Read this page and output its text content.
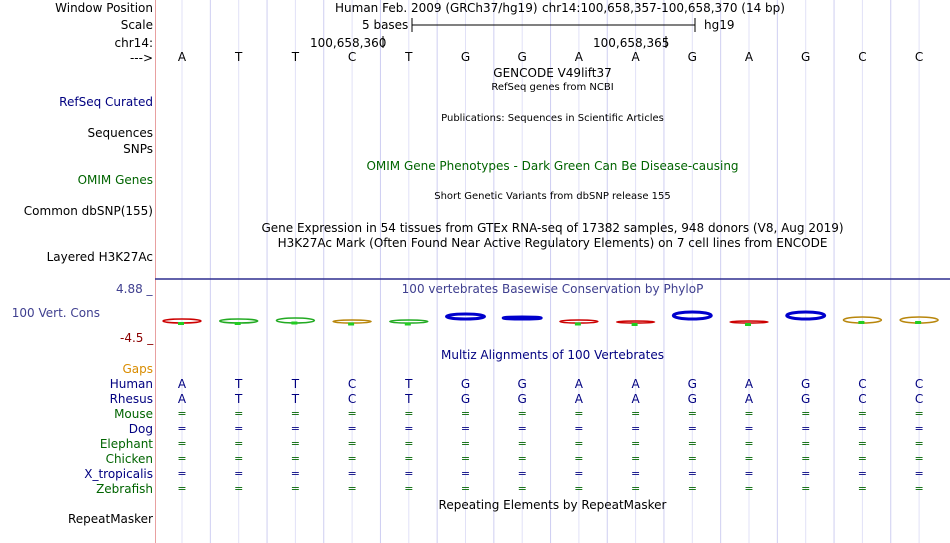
Window Position	Human Feb. 2009 (GRCh37/hg19) chr14:100,658,357-100,658,370 (14 bp)
Scale	5 bases	hg19
chr14:	100,658,360	100,658,365
--->	A	T	T	C	T	G	G	A	A	G	A	G	C	C
GENCODE V49lift37
RefSeq genes from NCBI
RefSeq Curated
Publications: Sequences in Scientific Articles
Sequences
SNPs
OMIM Gene Phenotypes - Dark Green Can Be Disease-causing
OMIM Genes
Short Genetic Variants from dbSNP release 155
Common dbSNP(155)
Gene Expression in 54 tissues from GTEx RNA-seq of 17382 samples, 948 donors (V8, Aug 2019)
H3K27Ac Mark (Often Found Near Active Regulatory Elements) on 7 cell lines from ENCODE
Layered H3K27Ac
100 vertebrates Basewise Conservation by PhyloP
4.88 _
100 Vert. Cons
-4.5 _
Multiz Alignments of 100 Vertebrates
Gaps
Human	A	T	T	C	T	G	G	A	A	G	A	G	C	C
Rhesus	A	T	T	C	T	G	G	A	A	G	A	G	C	C
Mouse	=	=	=	=	=	=	=	=	=	=	=	=	=	=
Dog	=	=	=	=	=	=	=	=	=	=	=	=	=	=
Elephant	=	=	=	=	=	=	=	=	=	=	=	=	=	=
Chicken	=	=	=	=	=	=	=	=	=	=	=	=	=	=
X_tropicalis	=	=	=	=	=	=	=	=	=	=	=	=	=	=
Zebrafish	=	=	=	=	=	=	=	=	=	=	=	=	=	=
Repeating Elements by RepeatMasker
RepeatMasker
